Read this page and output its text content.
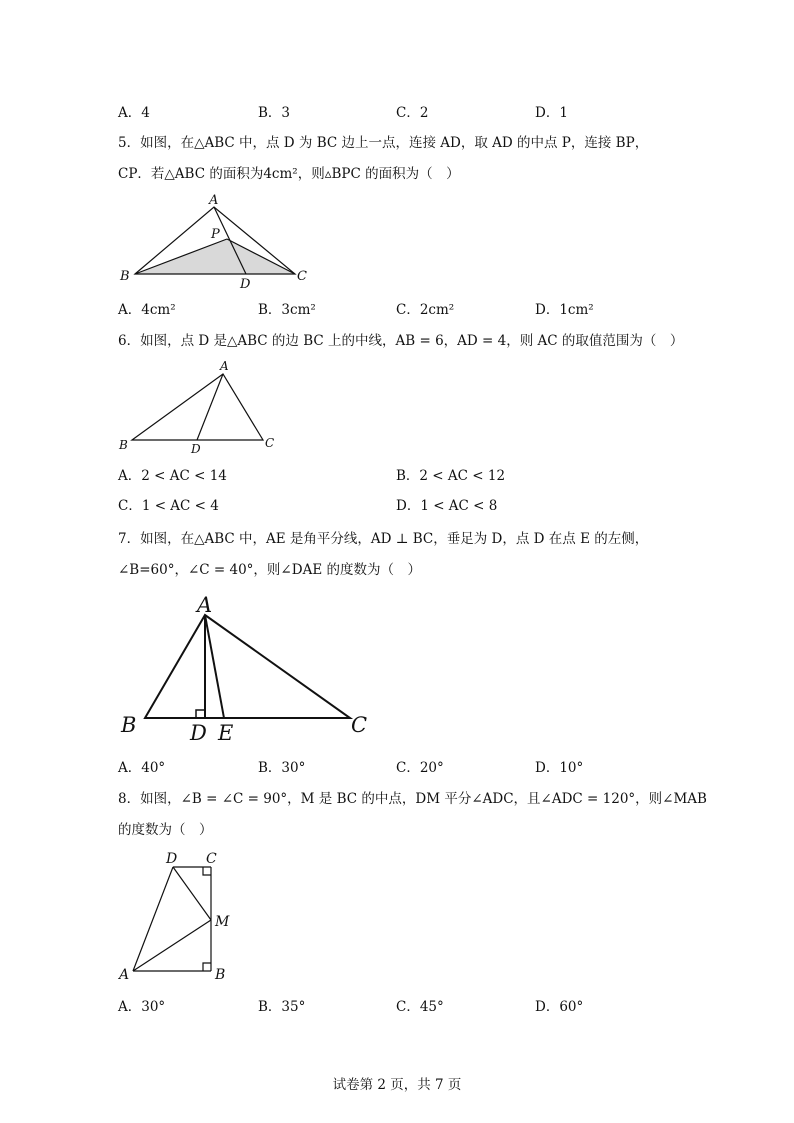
A．4	B．3	C．2	D．1
5．如图，在△ABC 中，点 D 为 BC 边上一点，连接 AD，取 AD 的中点 P，连接 BP，
CP．若△ABC 的面积为4cm²，则▵BPC 的面积为（　）
A
P
B
D
C
A．4cm²	B．3cm²	C．2cm²	D．1cm²
6．如图，点 D 是△ABC 的边 BC 上的中线，AB = 6，AD = 4，则 AC 的取值范围为（　）
A
B	D	C
A．2 < AC < 14	B．2 < AC < 12
C．1 < AC < 4	D．1 < AC < 8
7．如图，在△ABC 中，AE 是角平分线，AD ⊥ BC，垂足为 D，点 D 在点 E 的左侧，
∠B=60°，∠C = 40°，则∠DAE 的度数为（　）
A
B	D E	C
A．40°	B．30°	C．20°	D．10°
8．如图，∠B = ∠C = 90°，M 是 BC 的中点，DM 平分∠ADC，且∠ADC = 120°，则∠MAB
的度数为（　）
D C
M
A	B
A．30°	B．35°	C．45°	D．60°
试卷第 2 页，共 7 页
